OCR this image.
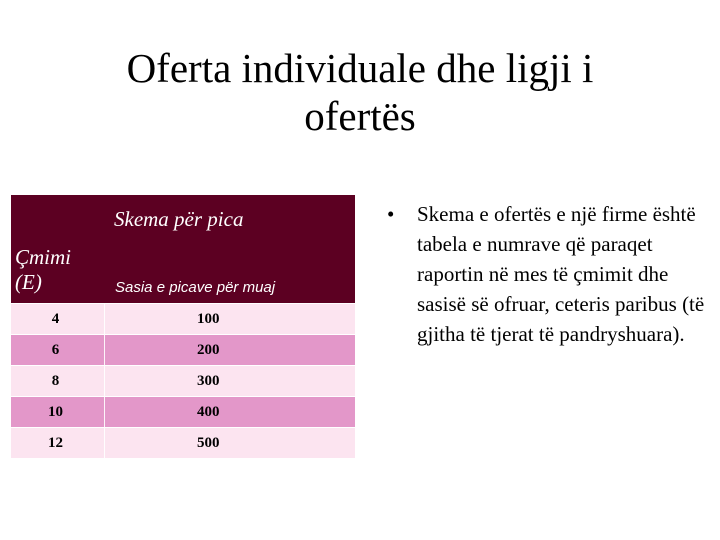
Oferta individuale dhe ligji i
ofertës
Skema për pica
Çmimi
(E)	Sasia e picave për muaj
4	100
6	200
8	300
10	400
12	500
•	Skema e ofertës e një firme është tabela e numrave që paraqet raportin në mes të çmimit dhe sasisë së ofruar, ceteris paribus (të gjitha të tjerat të pandryshuara).
